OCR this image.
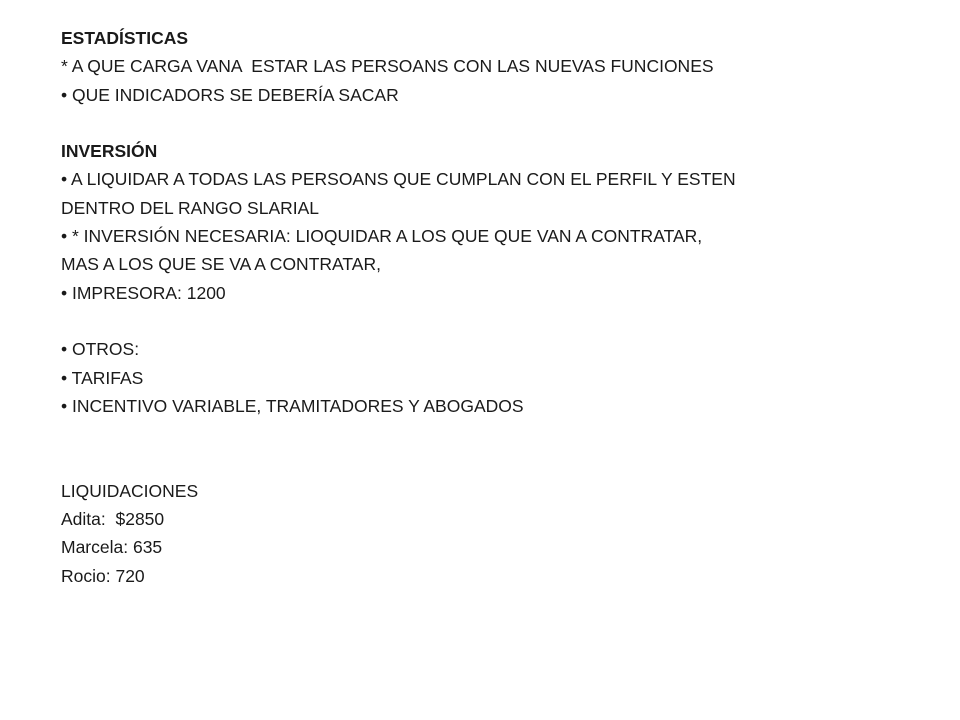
ESTADÍSTICAS
* A QUE CARGA VANA  ESTAR LAS PERSOANS CON LAS NUEVAS FUNCIONES
• QUE INDICADORS SE DEBERÍA SACAR
INVERSIÓN
• A LIQUIDAR A TODAS LAS PERSOANS QUE CUMPLAN CON EL PERFIL Y ESTEN
DENTRO DEL RANGO SLARIAL
• * INVERSIÓN NECESARIA: LIOQUIDAR A LOS QUE QUE VAN A CONTRATAR,
MAS A LOS QUE SE VA A CONTRATAR,
• IMPRESORA: 1200
• OTROS:
• TARIFAS
• INCENTIVO VARIABLE, TRAMITADORES Y ABOGADOS
LIQUIDACIONES
Adita:  $2850
Marcela: 635
Rocio: 720
